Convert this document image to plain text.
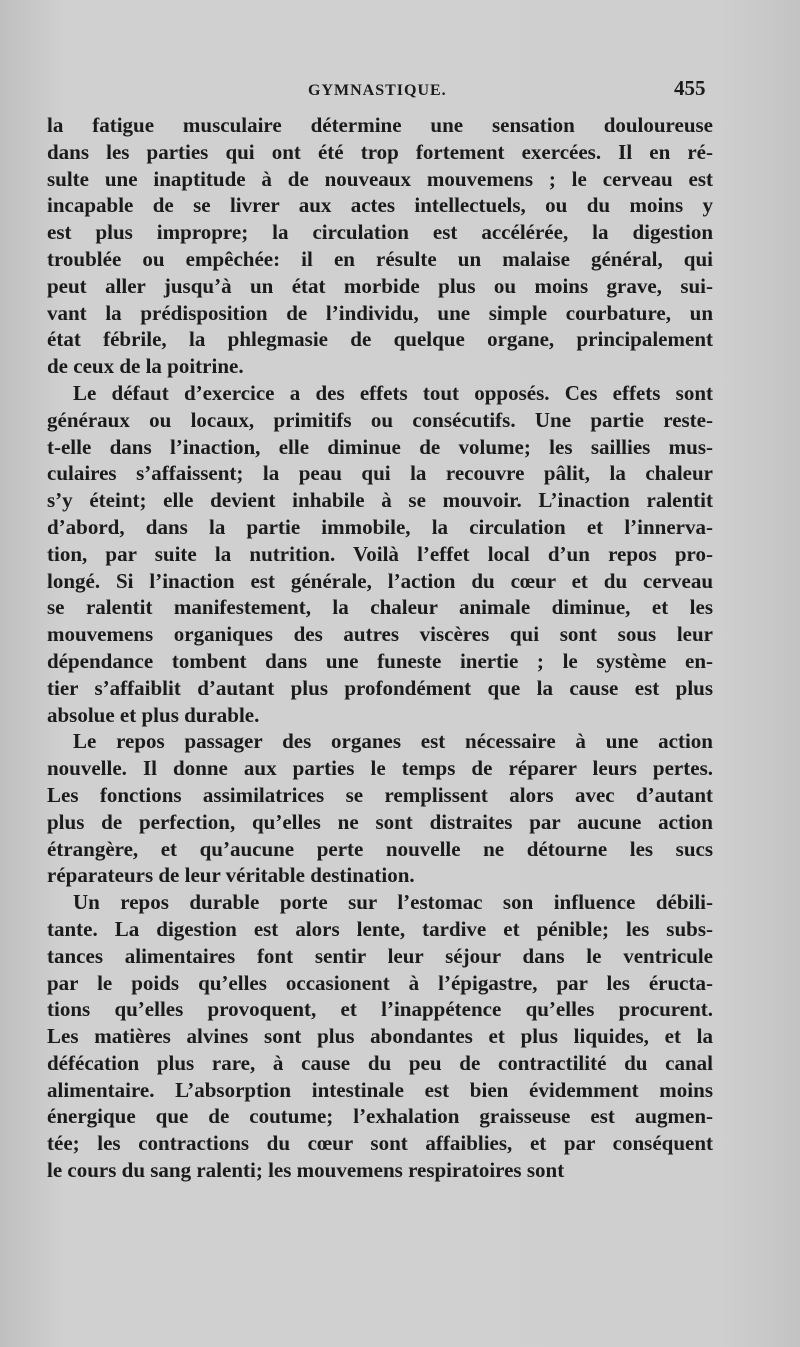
GYMNASTIQUE.	455
la fatigue musculaire détermine une sensation douloureuse
dans les parties qui ont été trop fortement exercées. Il en ré-
sulte une inaptitude à de nouveaux mouvemens ; le cerveau est
incapable de se livrer aux actes intellectuels, ou du moins y
est plus impropre; la circulation est accélérée, la digestion
troublée ou empêchée: il en résulte un malaise général, qui
peut aller jusqu’à un état morbide plus ou moins grave, sui-
vant la prédisposition de l’individu, une simple courbature, un
état fébrile, la phlegmasie de quelque organe, principalement
de ceux de la poitrine.
Le défaut d’exercice a des effets tout opposés. Ces effets sont
généraux ou locaux, primitifs ou consécutifs. Une partie reste-
t-elle dans l’inaction, elle diminue de volume; les saillies mus-
culaires s’affaissent; la peau qui la recouvre pâlit, la chaleur
s’y éteint; elle devient inhabile à se mouvoir. L’inaction ralentit
d’abord, dans la partie immobile, la circulation et l’innerva-
tion, par suite la nutrition. Voilà l’effet local d’un repos pro-
longé. Si l’inaction est générale, l’action du cœur et du cerveau
se ralentit manifestement, la chaleur animale diminue, et les
mouvemens organiques des autres viscères qui sont sous leur
dépendance tombent dans une funeste inertie ; le système en-
tier s’affaiblit d’autant plus profondément que la cause est plus
absolue et plus durable.
Le repos passager des organes est nécessaire à une action
nouvelle. Il donne aux parties le temps de réparer leurs pertes.
Les fonctions assimilatrices se remplissent alors avec d’autant
plus de perfection, qu’elles ne sont distraites par aucune action
étrangère, et qu’aucune perte nouvelle ne détourne les sucs
réparateurs de leur véritable destination.
Un repos durable porte sur l’estomac son influence débili-
tante. La digestion est alors lente, tardive et pénible; les subs-
tances alimentaires font sentir leur séjour dans le ventricule
par le poids qu’elles occasionent à l’épigastre, par les éructa-
tions qu’elles provoquent, et l’inappétence qu’elles procurent.
Les matières alvines sont plus abondantes et plus liquides, et la
défécation plus rare, à cause du peu de contractilité du canal
alimentaire. L’absorption intestinale est bien évidemment moins
énergique que de coutume; l’exhalation graisseuse est augmen-
tée; les contractions du cœur sont affaiblies, et par conséquent
le cours du sang ralenti; les mouvemens respiratoires sont
